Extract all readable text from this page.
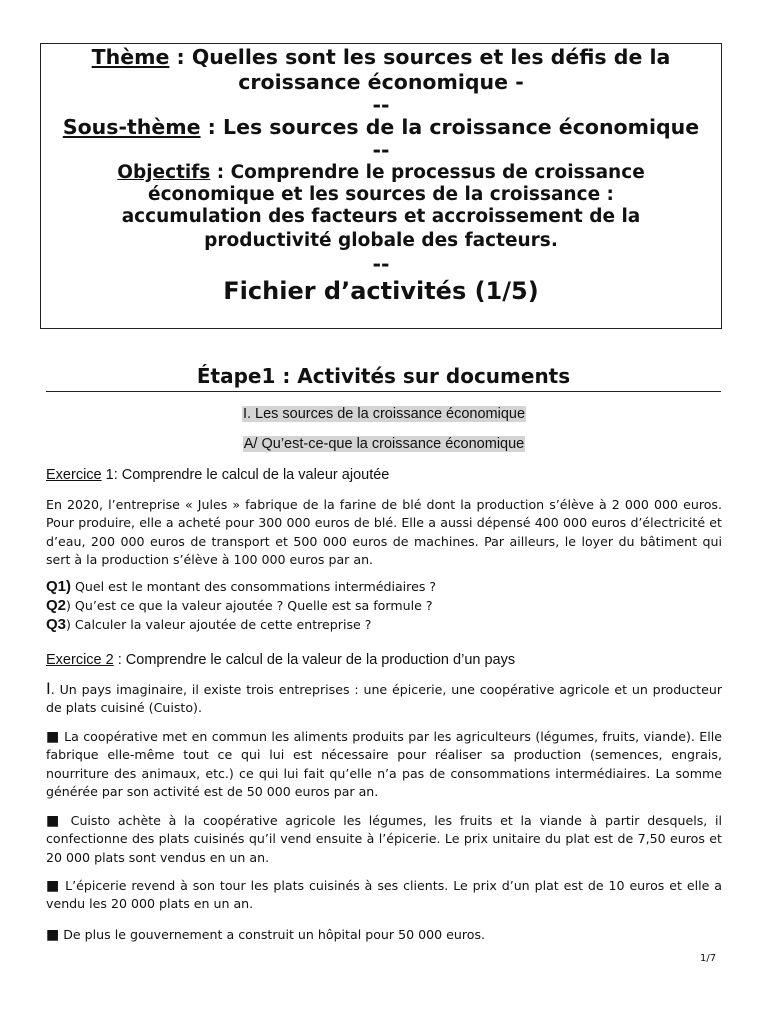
Thème : Quelles sont les sources et les défis de la
croissance économique -
--
Sous-thème : Les sources de la croissance économique
--
Objectifs : Comprendre le processus de croissance
économique et les sources de la croissance :
accumulation des facteurs et accroissement de la
productivité globale des facteurs.
--
Fichier d’activités (1/5)
Étape1 : Activités sur documents
I. Les sources de la croissance économique
A/ Qu’est-ce-que la croissance économique
Exercice 1: Comprendre le calcul de la valeur ajoutée
En 2020, l’entreprise « Jules » fabrique de la farine de blé dont la production s’élève à 2 000 000 euros. Pour produire, elle a acheté pour 300 000 euros de blé. Elle a aussi dépensé 400 000 euros d’électricité et d’eau, 200 000 euros de transport et 500 000 euros de machines. Par ailleurs, le loyer du bâtiment qui sert à la production s’élève à 100 000 euros par an.
Q1) Quel est le montant des consommations intermédiaires ?
Q2) Qu’est ce que la valeur ajoutée ? Quelle est sa formule ?
Q3) Calculer la valeur ajoutée de cette entreprise ?
Exercice 2 : Comprendre le calcul de la valeur de la production d’un pays
I. Un pays imaginaire, il existe trois entreprises : une épicerie, une coopérative agricole et un producteur de plats cuisiné (Cuisto).
■ La coopérative met en commun les aliments produits par les agriculteurs (légumes, fruits, viande). Elle fabrique elle-même tout ce qui lui est nécessaire pour réaliser sa production (semences, engrais, nourriture des animaux, etc.) ce qui lui fait qu’elle n’a pas de consommations intermédiaires. La somme générée par son activité est de 50 000 euros par an.
■ Cuisto achète à la coopérative agricole les légumes, les fruits et la viande à partir desquels, il confectionne des plats cuisinés qu’il vend ensuite à l’épicerie. Le prix unitaire du plat est de 7,50 euros et 20 000 plats sont vendus en un an.
■ L’épicerie revend à son tour les plats cuisinés à ses clients. Le prix d’un plat est de 10 euros et elle a vendu les 20 000 plats en un an.
■ De plus le gouvernement a construit un hôpital pour 50 000 euros.
1/7
